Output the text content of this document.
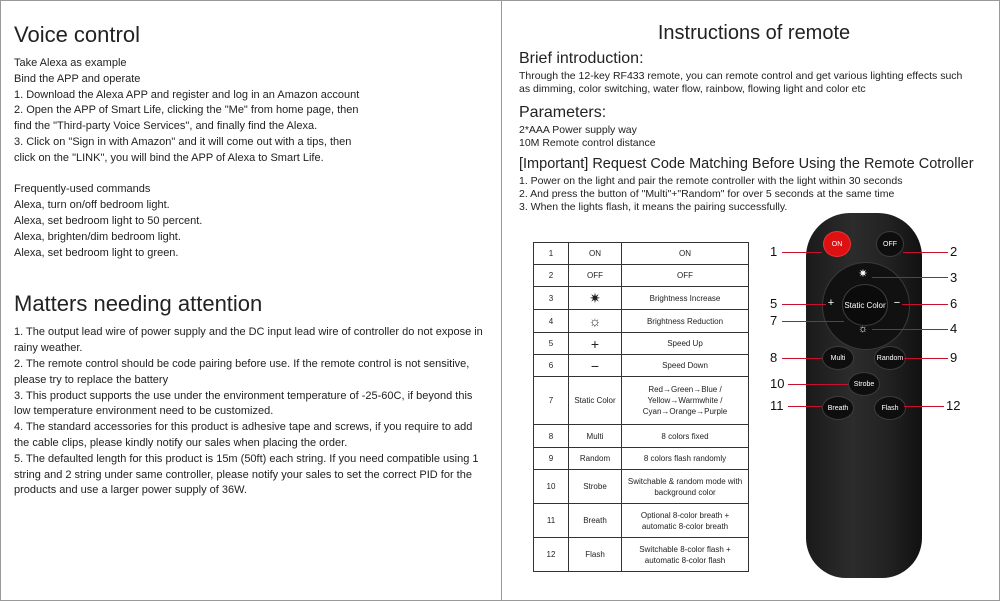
Voice control
Take Alexa as example
Bind the APP and operate
1. Download the Alexa APP and register and log in an Amazon account
2. Open the APP of Smart Life, clicking the "Me" from home page, then
find the "Third-party Voice Services", and finally find the Alexa.
3. Click on "Sign in with Amazon" and it will come out with a tips, then
click on the "LINK", you will bind the APP of Alexa to Smart Life.

Frequently-used commands
Alexa, turn on/off bedroom light.
Alexa, set bedroom light to 50 percent.
Alexa, brighten/dim bedroom light.
Alexa, set bedroom light to green.
Matters needing attention
1. The output lead wire of power supply and the DC input lead wire of controller do not expose in
rainy weather.
2. The remote control should be code pairing before use. If the remote control is not sensitive,
please try to replace the battery
3. This product supports the use under the environment temperature of -25-60C, if beyond this
low temperature environment need to be customized.
4. The standard accessories for this product is adhesive tape and screws, if you require to add
the cable clips, please kindly notify our sales when placing the order.
5. The defaulted length for this product is 15m (50ft) each string. If you need compatible using 1
string and 2 string under same controller, please notify your sales to set the correct PID for the
products and use a larger power supply of 36W.
Instructions of remote
Brief introduction:
Through the 12-key RF433 remote, you can remote control and get various lighting effects such
as dimming, color switching, water flow, rainbow, flowing light and color etc
Parameters:
2*AAA Power supply way
10M Remote control distance
[Important] Request Code Matching Before Using the Remote Cotroller
1. Power on the light and pair the remote controller with the light within 30 seconds
2. And press the button of "Multi"+"Random" for over 5 seconds at the same time
3. When the lights flash, it means the pairing successfully.
1	ON	ON
2	OFF	OFF
3	✷	Brightness Increase
4	☼	Brightness Reduction
5	+	Speed Up
6	−	Speed Down
7	Static Color	Red→Green→Blue / Yellow→Warmwhite / Cyan→Orange→Purple
8	Multi	8 colors fixed
9	Random	8 colors flash randomly
10	Strobe	Switchable & random mode with background color
11	Breath	Optional 8-color breath + automatic 8-color breath
12	Flash	Switchable 8-color flash + automatic 8-color flash
ON	OFF
Static Color
✷
☼
+	−
Multi	Random
Strobe
Breath	Flash
1	2
3
4
5	6
7
8	9
10
11	12
